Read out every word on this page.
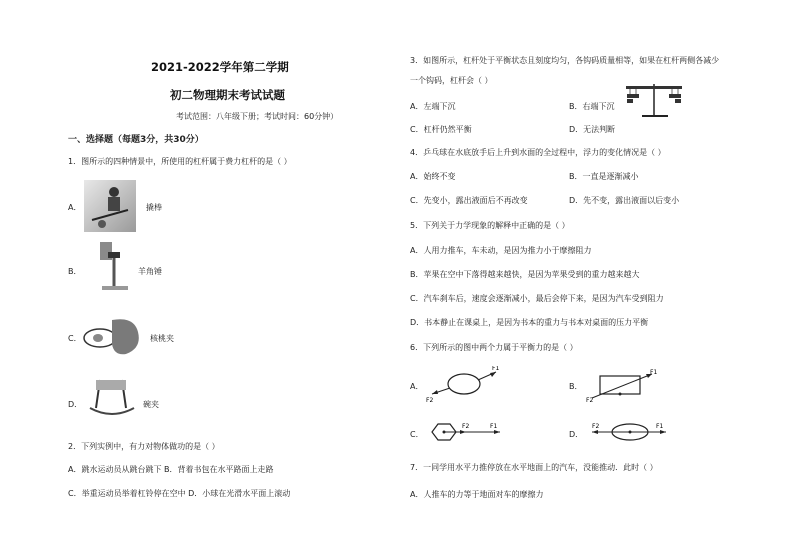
2021-2022学年第二学期
初二物理期末考试试题
考试范围：八年级下册；考试时间：60分钟）
一、选择题（每题3分，共30分）
1．图所示的四种情景中，所使用的杠杆属于费力杠杆的是（ ）
A．	撬棒
B．	羊角锤
C．	核桃夹
D．	碗夹
2．下列实例中，有力对物体做功的是（ ）
A．跳水运动员从跳台跳下 B．背着书包在水平路面上走路
C．举重运动员举着杠铃停在空中 D．小球在光滑水平面上滚动
3．如图所示，杠杆处于平衡状态且刻度均匀，各钩码质量相等，如果在杠杆两侧各减少
一个钩码，杠杆会（ ）
A．左端下沉	B．右端下沉
C．杠杆仍然平衡	D．无法判断
4．乒乓球在水底放手后上升到水面的全过程中，浮力的变化情况是（ ）
A．始终不变	B．一直是逐渐减小
C．先变小，露出液面后不再改变	D．先不变，露出液面以后变小
5．下列关于力学现象的解释中正确的是（ ）
A．人用力推车，车未动，是因为推力小于摩擦阻力
B．苹果在空中下落得越来越快，是因为苹果受到的重力越来越大
C．汽车刹车后，速度会逐渐减小，最后会停下来，是因为汽车受到阻力
D．书本静止在课桌上，是因为书本的重力与书本对桌面的压力平衡
6．下列所示的图中两个力属于平衡力的是（ ）
A．
F1
F2
B．
F1
F2
C．
F2	F1
D．
F2	F1
7．一同学用水平力推停放在水平地面上的汽车，没能推动．此时（ ）
A．人推车的力等于地面对车的摩擦力
